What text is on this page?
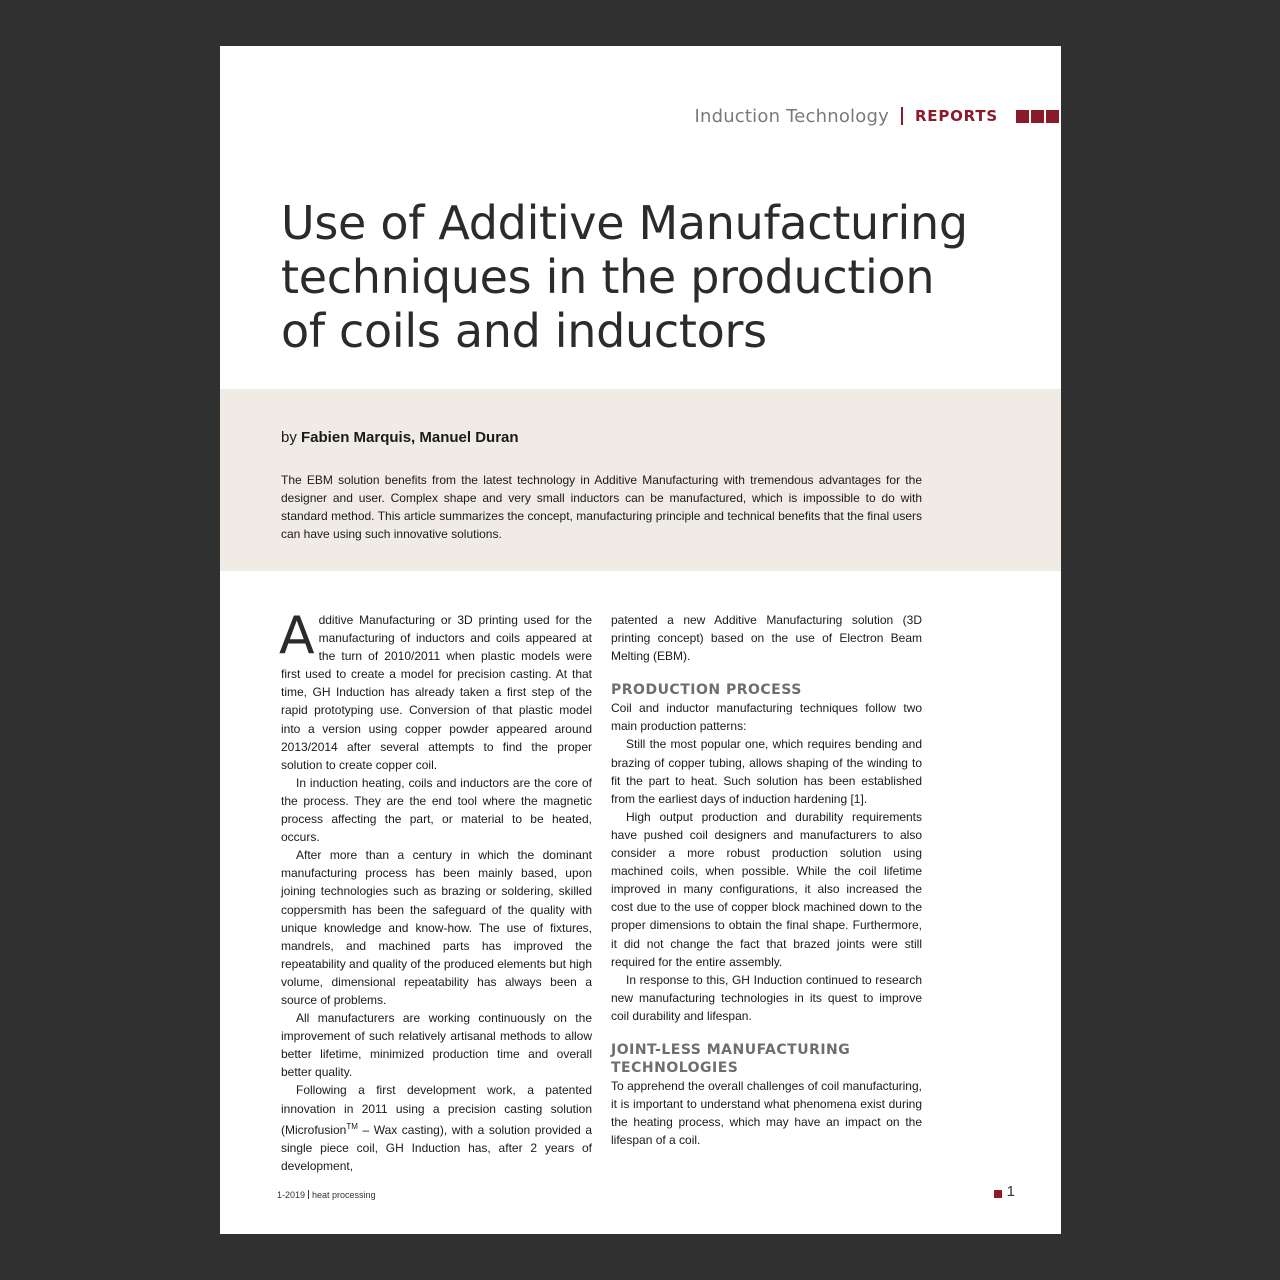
Induction Technology REPORTS
Use of Additive Manufacturing
techniques in the production
of coils and inductors
by Fabien Marquis, Manuel Duran

The EBM solution benefits from the latest technology in Additive Manufacturing with tremendous advantages for the designer and user. Complex shape and very small inductors can be manufactured, which is impossible to do with standard method. This article summarizes the concept, manufacturing principle and technical benefits that the final users can have using such innovative solutions.

Additive Manufacturing or 3D printing used for the manufacturing of inductors and coils appeared at the turn of 2010/2011 when plastic models were first used to create a model for precision casting. At that time, GH Induction has already taken a first step of the rapid prototyping use. Conversion of that plastic model into a version using copper powder appeared around 2013/2014 after several attempts to find the proper solution to create copper coil.

In induction heating, coils and inductors are the core of the process. They are the end tool where the magnetic process affecting the part, or material to be heated, occurs.

After more than a century in which the dominant manufacturing process has been mainly based, upon joining technologies such as brazing or soldering, skilled coppersmith has been the safeguard of the quality with unique knowledge and know-how. The use of fixtures, mandrels, and machined parts has improved the repeatability and quality of the produced elements but high volume, dimensional repeatability has always been a source of problems.

All manufacturers are working continuously on the improvement of such relatively artisanal methods to allow better lifetime, minimized production time and overall better quality.

Following a first development work, a patented innovation in 2011 using a precision casting solution (Microfusion™ – Wax casting), with a solution provided a single piece coil, GH Induction has, after 2 years of development,

patented a new Additive Manufacturing solution (3D printing concept) based on the use of Electron Beam Melting (EBM).

PRODUCTION PROCESS

Coil and inductor manufacturing techniques follow two main production patterns:

Still the most popular one, which requires bending and brazing of copper tubing, allows shaping of the winding to fit the part to heat. Such solution has been established from the earliest days of induction hardening [1].

High output production and durability requirements have pushed coil designers and manufacturers to also consider a more robust production solution using machined coils, when possible. While the coil lifetime improved in many configurations, it also increased the cost due to the use of copper block machined down to the proper dimensions to obtain the final shape. Furthermore, it did not change the fact that brazed joints were still required for the entire assembly.

In response to this, GH Induction continued to research new manufacturing technologies in its quest to improve coil durability and lifespan.

JOINT-LESS MANUFACTURING
TECHNOLOGIES

To apprehend the overall challenges of coil manufacturing, it is important to understand what phenomena exist during the heating process, which may have an impact on the lifespan of a coil.

1-2019 heat processing	1
